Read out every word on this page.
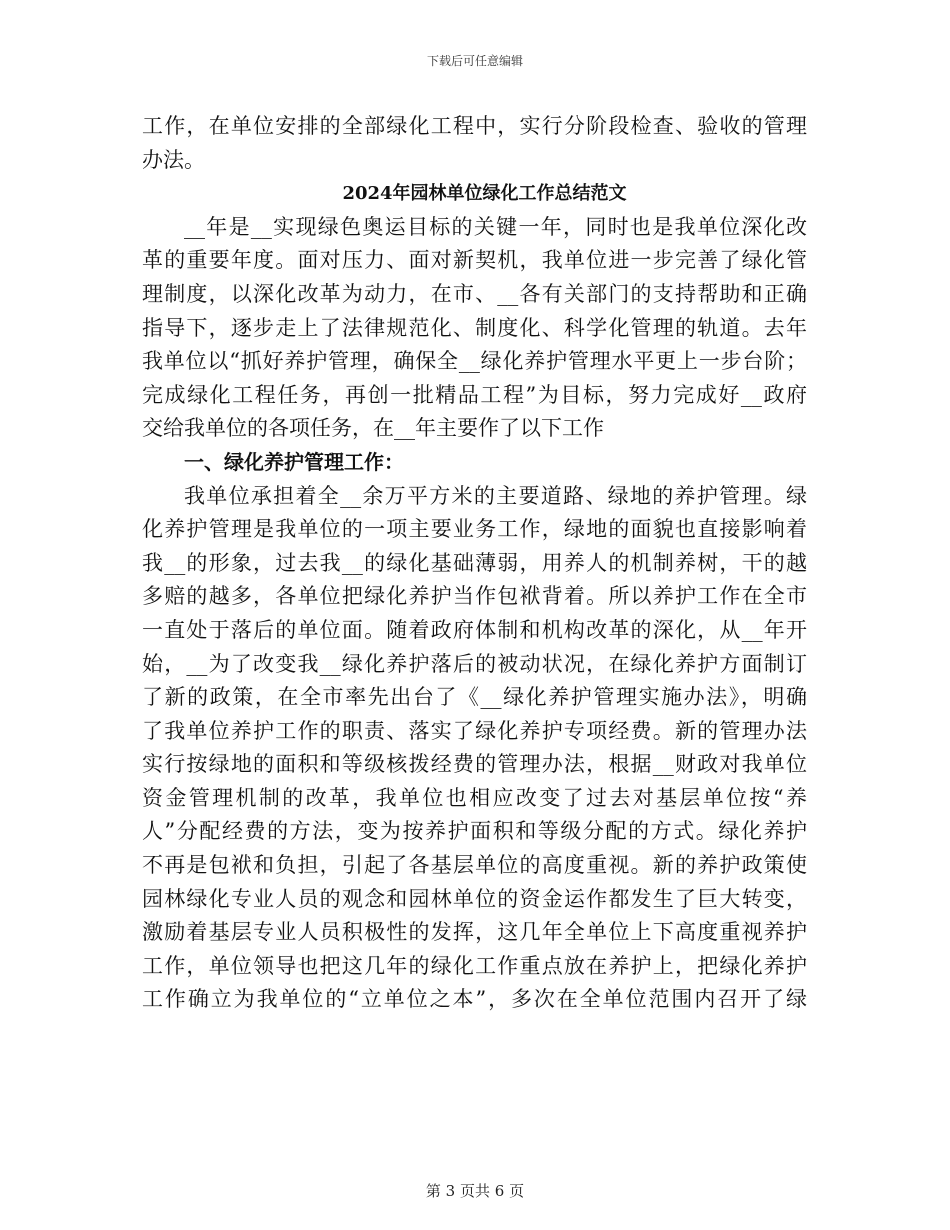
下载后可任意编辑
工作，在单位安排的全部绿化工程中，实行分阶段检查、验收的管理
办法。
2024年园林单位绿化工作总结范文
__年是__实现绿色奥运目标的关键一年，同时也是我单位深化改
革的重要年度。面对压力、面对新契机，我单位进一步完善了绿化管
理制度，以深化改革为动力，在市、__各有关部门的支持帮助和正确
指导下，逐步走上了法律规范化、制度化、科学化管理的轨道。去年
我单位以“抓好养护管理，确保全__绿化养护管理水平更上一步台阶；
完成绿化工程任务，再创一批精品工程”为目标，努力完成好__政府
交给我单位的各项任务，在__年主要作了以下工作
一、绿化养护管理工作：
我单位承担着全__余万平方米的主要道路、绿地的养护管理。绿
化养护管理是我单位的一项主要业务工作，绿地的面貌也直接影响着
我__的形象，过去我__的绿化基础薄弱，用养人的机制养树，干的越
多赔的越多，各单位把绿化养护当作包袱背着。所以养护工作在全市
一直处于落后的单位面。随着政府体制和机构改革的深化，从__年开
始，__为了改变我__绿化养护落后的被动状况，在绿化养护方面制订
了新的政策，在全市率先出台了《__绿化养护管理实施办法》，明确
了我单位养护工作的职责、落实了绿化养护专项经费。新的管理办法
实行按绿地的面积和等级核拨经费的管理办法，根据__财政对我单位
资金管理机制的改革，我单位也相应改变了过去对基层单位按“养
人”分配经费的方法，变为按养护面积和等级分配的方式。绿化养护
不再是包袱和负担，引起了各基层单位的高度重视。新的养护政策使
园林绿化专业人员的观念和园林单位的资金运作都发生了巨大转变，
激励着基层专业人员积极性的发挥，这几年全单位上下高度重视养护
工作，单位领导也把这几年的绿化工作重点放在养护上，把绿化养护
工作确立为我单位的“立单位之本”，多次在全单位范围内召开了绿
第 3 页共 6 页
